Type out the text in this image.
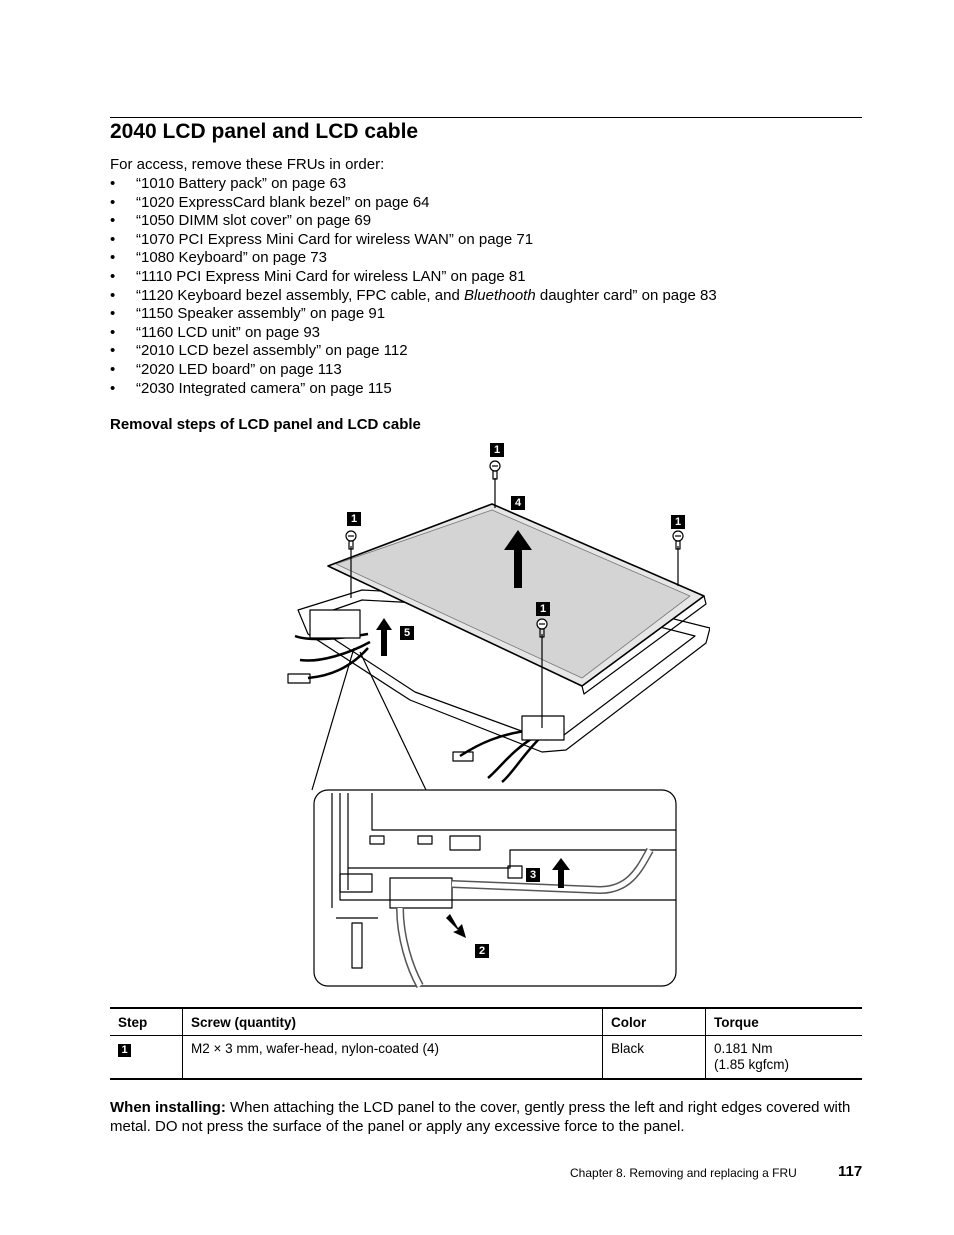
2040 LCD panel and LCD cable

For access, remove these FRUs in order:

• “1010 Battery pack” on page 63
• “1020 ExpressCard blank bezel” on page 64
• “1050 DIMM slot cover” on page 69
• “1070 PCI Express Mini Card for wireless WAN” on page 71
• “1080 Keyboard” on page 73
• “1110 PCI Express Mini Card for wireless LAN” on page 81
• “1120 Keyboard bezel assembly, FPC cable, and Bluethooth daughter card” on page 83
• “1150 Speaker assembly” on page 91
• “1160 LCD unit” on page 93
• “2010 LCD bezel assembly” on page 112
• “2020 LED board” on page 113
• “2030 Integrated camera” on page 115
Removal steps of LCD panel and LCD cable
1
4
1	1
1
5
3
2
Step	Screw (quantity)	Color	Torque
1	M2 × 3 mm, wafer-head, nylon-coated (4)	Black	0.181 Nm
(1.85 kgfcm)

When installing: When attaching the LCD panel to the cover, gently press the left and right edges covered with metal. DO not press the surface of the panel or apply any excessive force to the panel.

Chapter 8. Removing and replacing a FRU	117
